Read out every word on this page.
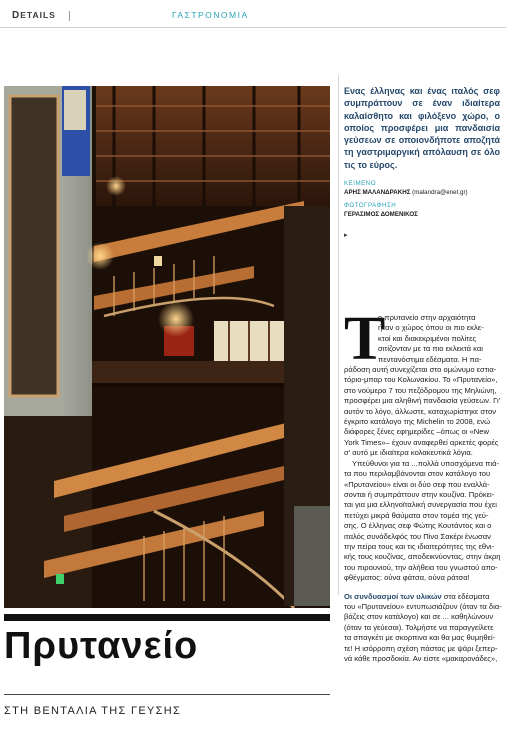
DETAILS	ΓΑΣΤΡΟΝΟΜΙΑ

Ενας έλληνας και ένας ιταλός σεφ συμπράττουν σε έναν ιδιαίτερα καλαίσθητο και φιλόξενο χώρο, ο οποίος προσφέρει μια πανδαισία γεύσεων σε οποιονδήποτε αποζητά τη γαστριμαργική απόλαυση σε όλο τις το εύρος.

ΚΕΙΜΕΝΟ

ΑΡΗΣ ΜΑΛΑΝΔΡΑΚΗΣ (malandra@enet.gr)

ΦΩΤΟΓΡΑΦΗΣΗ

ΓΕΡΑΣΙΜΟΣ ΔΟΜΕΝΙΚΟΣ

▸
Τ
ο πρυτανείο στην αρχαιότητα
ήταν ο χώρος όπου οι πιο εκλε-
κτοί και διακεκριμένοι πολίτες
σιτίζονταν με τα πιο εκλεκτά και
πεντανόστιμα εδέσματα. Η πα-
ράδοση αυτή συνεχίζεται στο ομώνυμο εστια-
τόριο-μπαρ του Κολωνακίου. Το «Πρυτανείο»,
στο νούμερο 7 του πεζόδρομου της Μηλιώνη,
προσφέρει μια αληθινή πανδαισία γεύσεων. Γι'
αυτόν το λόγο, άλλωστε, καταχωρίστηκε στον
έγκριτο κατάλογο της Michelin το 2008, ενώ
διάφορες ξένες εφημερίδες –όπως οι «New
York Times»– έχουν αναφερθεί αρκετές φορές
σ' αυτό με ιδιαίτερα κολακευτικά λόγια.
Υπεύθυνοι για τα ...πολλά υποσχόμενα πιά-
τα που περιλαμβάνονται στον κατάλογο του
«Πρυτανείου» είναι οι δύο σεφ που εναλλά-
σονται ή συμπράττουν στην κουζίνα. Πρόκει-
ται για μια ελληνοϊταλική συνεργασία που έχει
πετύχει μικρά θαύματα στον τομέα της γεύ-
σης. Ο έλληνας σεφ Φώτης Κουτάντος και ο
ιταλός συνάδελφός του Πίνο Σακέρι ένωσαν
την πείρα τους και τις ιδιαιτερότητες της εθνι-
κής τους κουζίνας, αποδεικνύοντας, στην άκρη
του πιρουνιού, την αλήθεια του γνωστού απο-
φθέγματος: ούνα φάτσα, ούνα ράτσα!
Οι συνδυασμοί των υλικών στα εδέσματα
του «Πρυτανείου» εντυπωσιάζουν (όταν τα δια-
βάζεις στον κατάλογο) και σε ... καθηλώνουν
(όταν τα γεύεσαι). Τολμήστε να παραγγείλετε
τα σπαγκέτι με σκορπινα και θα μας θυμηθεί-
τε! Η ισόρροπη σχέση πάστας με ψάρι ξεπερ-
νά κάθε προσδοκία. Αν είστε «μακαρονάδες»,
Πρυτανείο

ΣΤΗ ΒΕΝΤΑΛΙΑ ΤΗΣ ΓΕΥΣΗΣ
